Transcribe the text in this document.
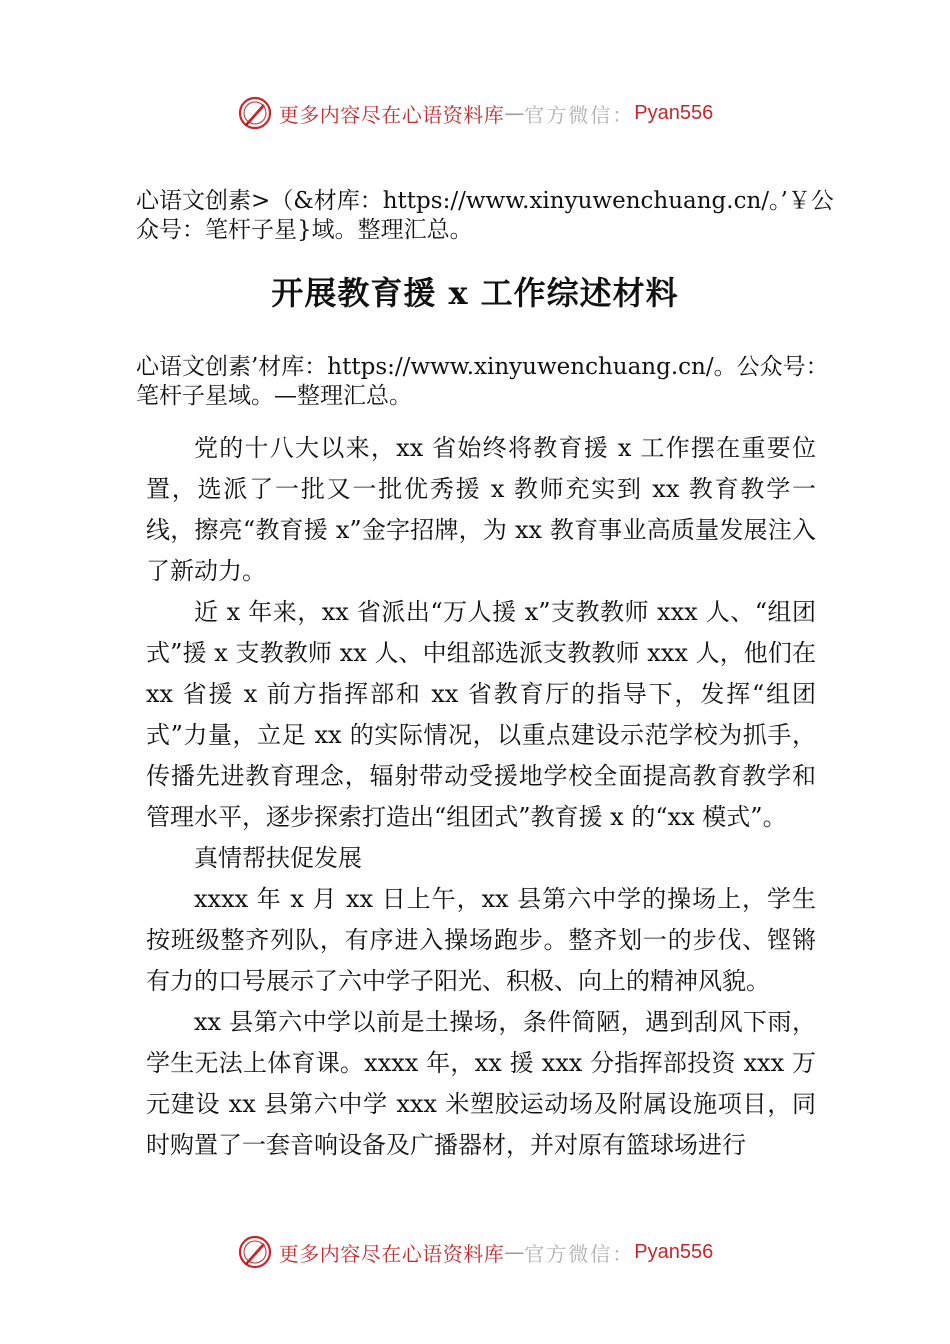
更多内容尽在心语资料库 — 官方微信： Pyan556
心语文创素>（&材库：https://www.xinyuwenchuang.cn/。’￥公众号：笔杆子星}域。整理汇总。
开展教育援 x 工作综述材料
心语文创素’材库：https://www.xinyuwenchuang.cn/。公众号：笔杆子星域。—整理汇总。

党的十八大以来，xx 省始终将教育援 x 工作摆在重要位置，选派了一批又一批优秀援 x 教师充实到 xx 教育教学一线，擦亮“教育援 x”金字招牌，为 xx 教育事业高质量发展注入了新动力。

近 x 年来，xx 省派出“万人援 x”支教教师 xxx 人、“组团式”援 x 支教教师 xx 人、中组部选派支教教师 xxx 人，他们在 xx 省援 x 前方指挥部和 xx 省教育厅的指导下，发挥“组团式”力量，立足 xx 的实际情况，以重点建设示范学校为抓手，传播先进教育理念，辐射带动受援地学校全面提高教育教学和管理水平，逐步探索打造出“组团式”教育援 x 的“xx 模式”。

真情帮扶促发展

xxxx 年 x 月 xx 日上午，xx 县第六中学的操场上，学生按班级整齐列队，有序进入操场跑步。整齐划一的步伐、铿锵有力的口号展示了六中学子阳光、积极、向上的精神风貌。

xx 县第六中学以前是土操场，条件简陋，遇到刮风下雨，学生无法上体育课。xxxx 年，xx 援 xxx 分指挥部投资 xxx 万元建设 xx 县第六中学 xxx 米塑胶运动场及附属设施项目，同时购置了一套音响设备及广播器材，并对原有篮球场进行

更多内容尽在心语资料库 — 官方微信： Pyan556
